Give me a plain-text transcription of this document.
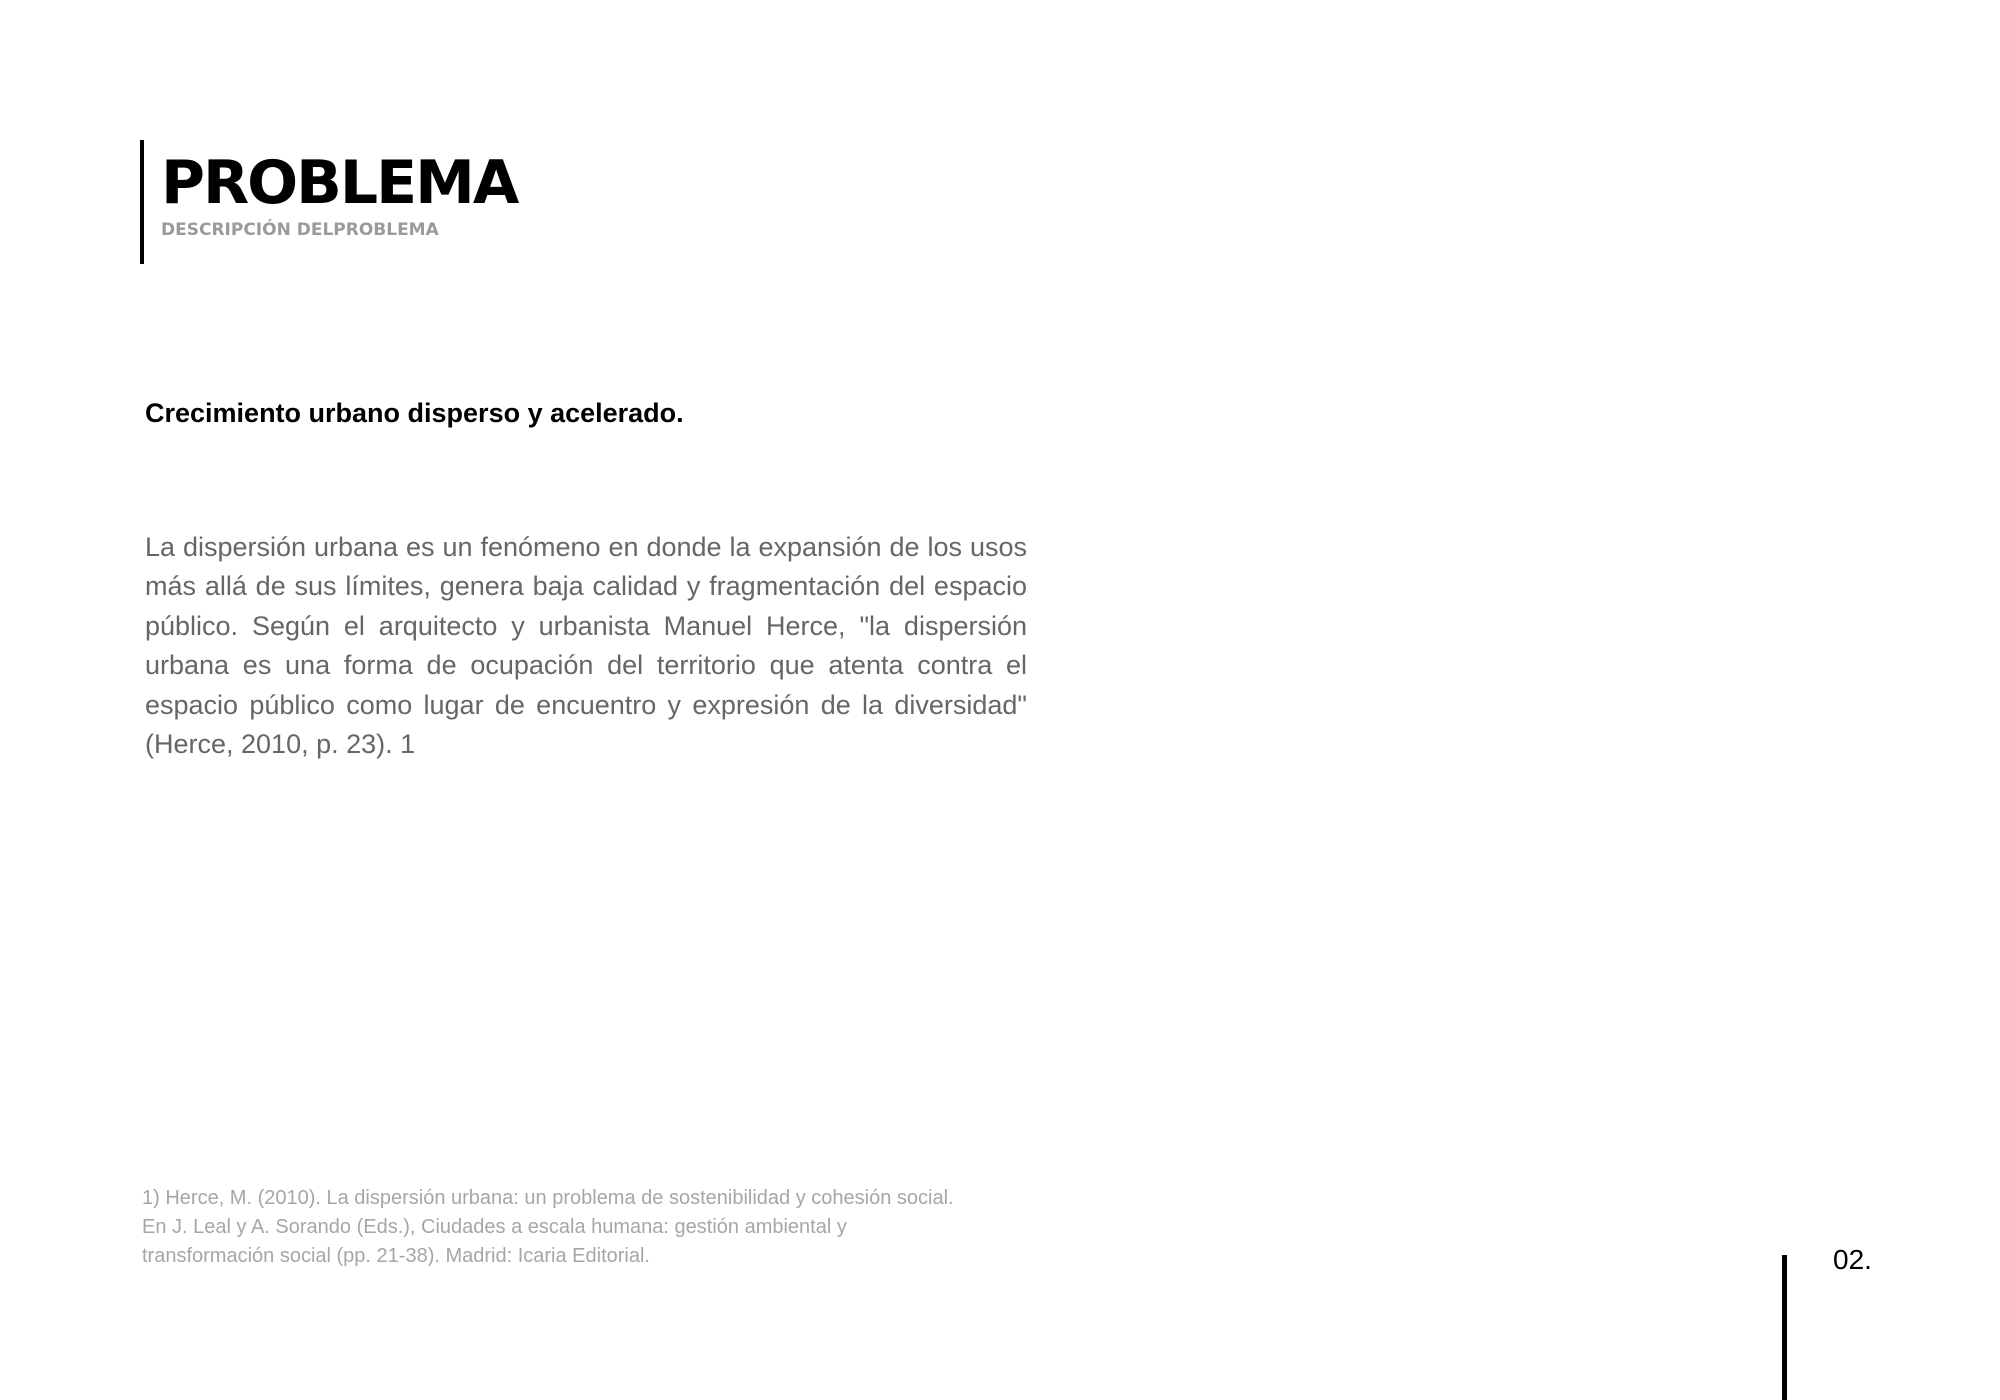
PROBLEMA
DESCRIPCIÓN DELPROBLEMA
Crecimiento urbano disperso y acelerado.

La dispersión urbana es un fenómeno en donde la expansión de los usos más allá de sus límites, genera baja calidad y fragmentación del espacio público. Según el arquitecto y urbanista Manuel Herce, "la dispersión urbana es una forma de ocupación del territorio que atenta contra el espacio público como lugar de encuentro y expresión de la diversidad" (Herce, 2010, p. 23). 1

1) Herce, M. (2010). La dispersión urbana: un problema de sostenibilidad y cohesión social.
En J. Leal y A. Sorando (Eds.), Ciudades a escala humana: gestión ambiental y
transformación social (pp. 21-38). Madrid: Icaria Editorial.	02.
